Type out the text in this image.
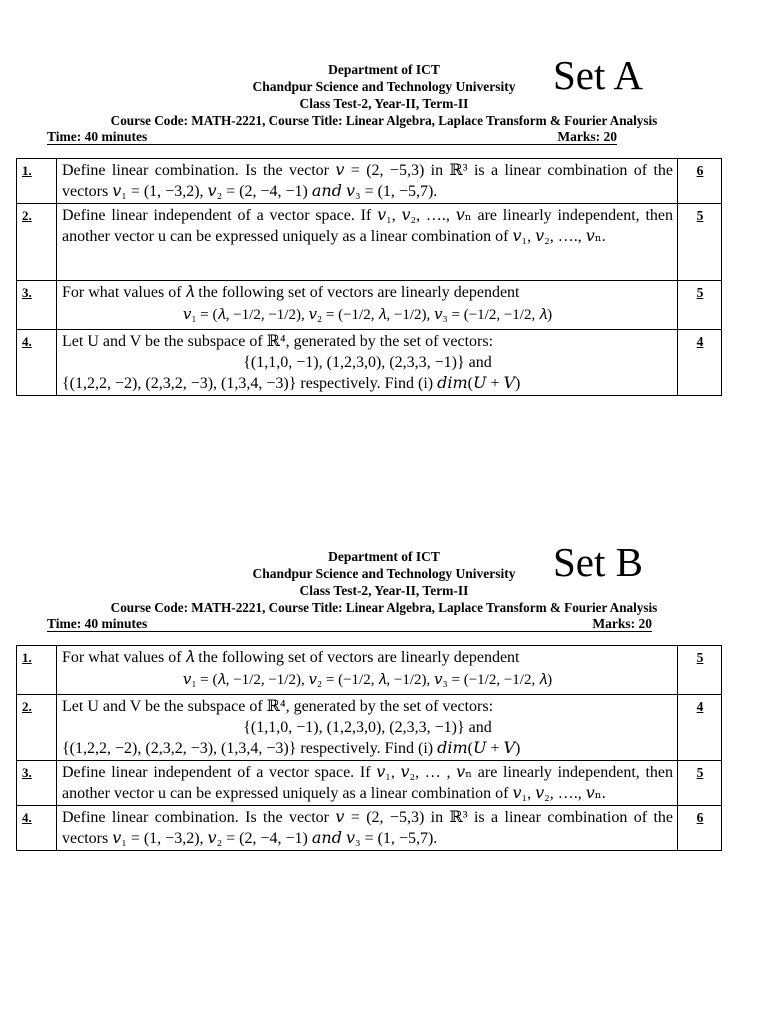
Department of ICT
Chandpur Science and Technology University
Class Test-2, Year-II, Term-II
Course Code: MATH-2221, Course Title: Linear Algebra, Laplace Transform & Fourier Analysis
Set A
Time: 40 minutes	Marks: 20
1.	Define linear combination. Is the vector 𝑣 = (2, −5,3) in ℝ³ is a linear combination of the vectors 𝑣₁ = (1, −3,2), 𝑣₂ = (2, −4, −1) 𝑎𝑛𝑑 𝑣₃ = (1, −5,7).	6
2.	Define linear independent of a vector space. If 𝑣₁, 𝑣₂, …., 𝑣ₙ are linearly independent, then another vector u can be expressed uniquely as a linear combination of 𝑣₁, 𝑣₂, …., 𝑣ₙ.	5
3.	For what values of 𝜆 the following set of vectors are linearly dependent
𝑣₁ = (𝜆, −1/2, −1/2), 𝑣₂ = (−1/2, 𝜆, −1/2), 𝑣₃ = (−1/2, −1/2, 𝜆)	5
4.	Let U and V be the subspace of ℝ⁴, generated by the set of vectors:
{(1,1,0, −1), (1,2,3,0), (2,3,3, −1)} and
{(1,2,2, −2), (2,3,2, −3), (1,3,4, −3)} respectively. Find (i) 𝑑𝑖𝑚(𝑈 + 𝑉)	4
Department of ICT
Chandpur Science and Technology University
Class Test-2, Year-II, Term-II
Course Code: MATH-2221, Course Title: Linear Algebra, Laplace Transform & Fourier Analysis
Set B
Time: 40 minutes	Marks: 20
1.	For what values of 𝜆 the following set of vectors are linearly dependent
𝑣₁ = (𝜆, −1/2, −1/2), 𝑣₂ = (−1/2, 𝜆, −1/2), 𝑣₃ = (−1/2, −1/2, 𝜆)	5
2.	Let U and V be the subspace of ℝ⁴, generated by the set of vectors:
{(1,1,0, −1), (1,2,3,0), (2,3,3, −1)} and
{(1,2,2, −2), (2,3,2, −3), (1,3,4, −3)} respectively. Find (i) 𝑑𝑖𝑚(𝑈 + 𝑉)	4
3.	Define linear independent of a vector space. If 𝑣₁, 𝑣₂, … , 𝑣ₙ are linearly independent, then another vector u can be expressed uniquely as a linear combination of 𝑣₁, 𝑣₂, …., 𝑣ₙ.	5
4.	Define linear combination. Is the vector 𝑣 = (2, −5,3) in ℝ³ is a linear combination of the vectors 𝑣₁ = (1, −3,2), 𝑣₂ = (2, −4, −1) 𝑎𝑛𝑑 𝑣₃ = (1, −5,7).	6
